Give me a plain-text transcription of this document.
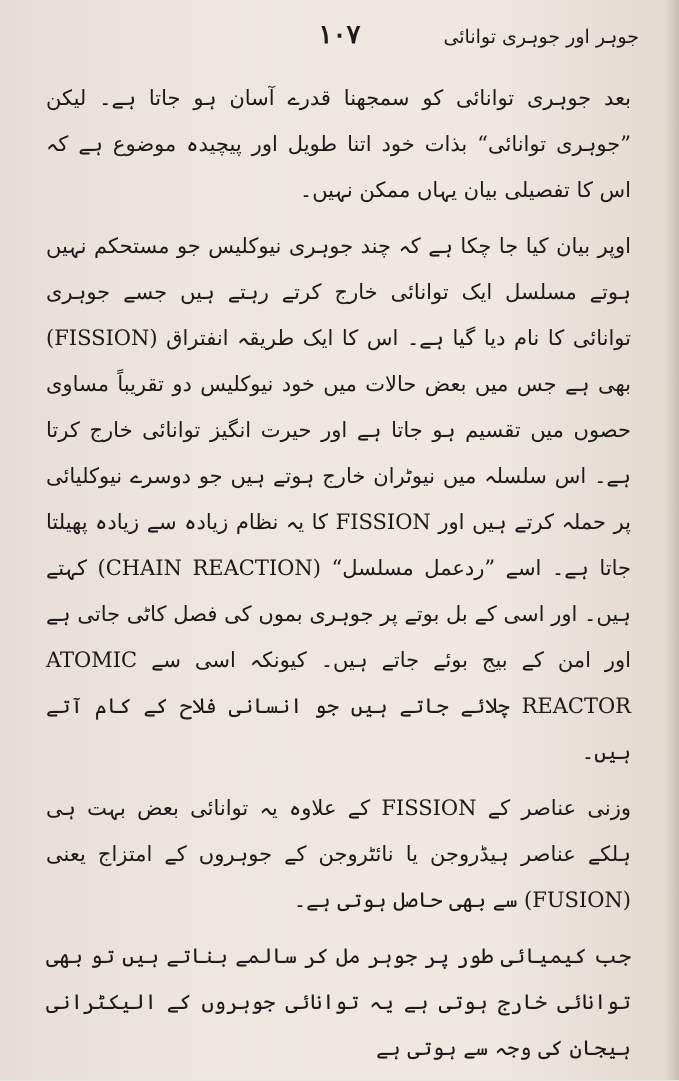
جوہر اور جوہری توانائی
۱۰۷

بعد جوہری توانائی کو سمجھنا قدرے آسان ہو جاتا ہے۔ لیکن ”جوہری توانائی“ بذات خود اتنا طویل اور پیچیدہ موضوع ہے کہ اس کا تفصیلی بیان یہاں ممکن نہیں۔

اوپر بیان کیا جا چکا ہے کہ چند جوہری نیوکلیس جو مستحکم نہیں ہوتے مسلسل ایک توانائی خارج کرتے رہتے ہیں جسے جوہری توانائی کا نام دیا گیا ہے۔ اس کا ایک طریقہ انفتراق (FISSION) بھی ہے جس میں بعض حالات میں خود نیوکلیس دو تقریباً مساوی حصوں میں تقسیم ہو جاتا ہے اور حیرت انگیز توانائی خارج کرتا ہے۔ اس سلسلہ میں نیوٹران خارج ہوتے ہیں جو دوسرے نیوکلیائی پر حملہ کرتے ہیں اور FISSION کا یہ نظام زیادہ سے زیادہ پھیلتا جاتا ہے۔ اسے ”ردعمل مسلسل“ (CHAIN REACTION) کہتے ہیں۔ اور اسی کے بل بوتے پر جوہری بموں کی فصل کاٹی جاتی ہے اور امن کے بیج بوئے جاتے ہیں۔ کیونکہ اسی سے ATOMIC REACTOR چلائے جاتے ہیں جو انسانی فلاح کے کام آتے ہیں۔

وزنی عناصر کے FISSION کے علاوہ یہ توانائی بعض بہت ہی ہلکے عناصر ہیڈروجن یا نائٹروجن کے جوہروں کے امتزاج یعنی (FUSION) سے بھی حاصل ہوتی ہے۔

جب کیمیائی طور پر جوہر مل کر سالمے بناتے ہیں تو بھی توانائی خارج ہوتی ہے یہ توانائی جوہروں کے الیکٹرانی ہیجان کی وجہ سے ہوتی ہے
